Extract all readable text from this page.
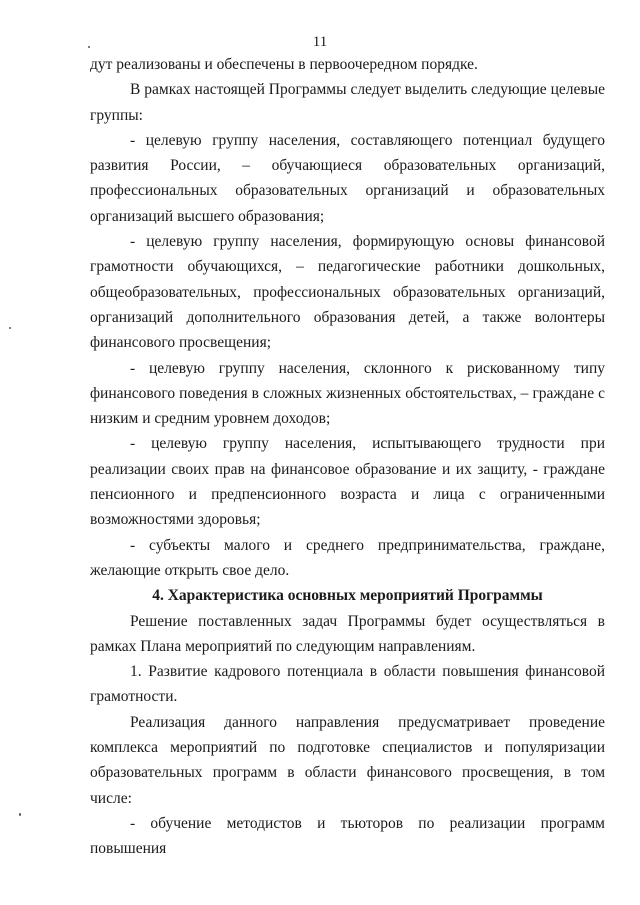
11

дут реализованы и обеспечены в первоочередном порядке.

В рамках настоящей Программы следует выделить следующие целевые группы:

- целевую группу населения, составляющего потенциал будущего развития России, – обучающиеся образовательных организаций, профессиональных образовательных организаций и образовательных организаций высшего образования;

- целевую группу населения, формирующую основы финансовой грамотности обучающихся, – педагогические работники дошкольных, общеобразовательных, профессиональных образовательных организаций, организаций дополнительного образования детей, а также волонтеры финансового просвещения;

- целевую группу населения, склонного к рискованному типу финансового поведения в сложных жизненных обстоятельствах, – граждане с низким и средним уровнем доходов;

- целевую группу населения, испытывающего трудности при реализации своих прав на финансовое образование и их защиту, - граждане пенсионного и предпенсионного возраста и лица с ограниченными возможностями здоровья;

- субъекты малого и среднего предпринимательства, граждане, желающие открыть свое дело.

4. Характеристика основных мероприятий Программы

Решение поставленных задач Программы будет осуществляться в рамках Плана мероприятий по следующим направлениям.

1. Развитие кадрового потенциала в области повышения финансовой грамотности.

Реализация данного направления предусматривает проведение комплекса мероприятий по подготовке специалистов и популяризации образовательных программ в области финансового просвещения, в том числе:

- обучение методистов и тьюторов по реализации программ повышения
